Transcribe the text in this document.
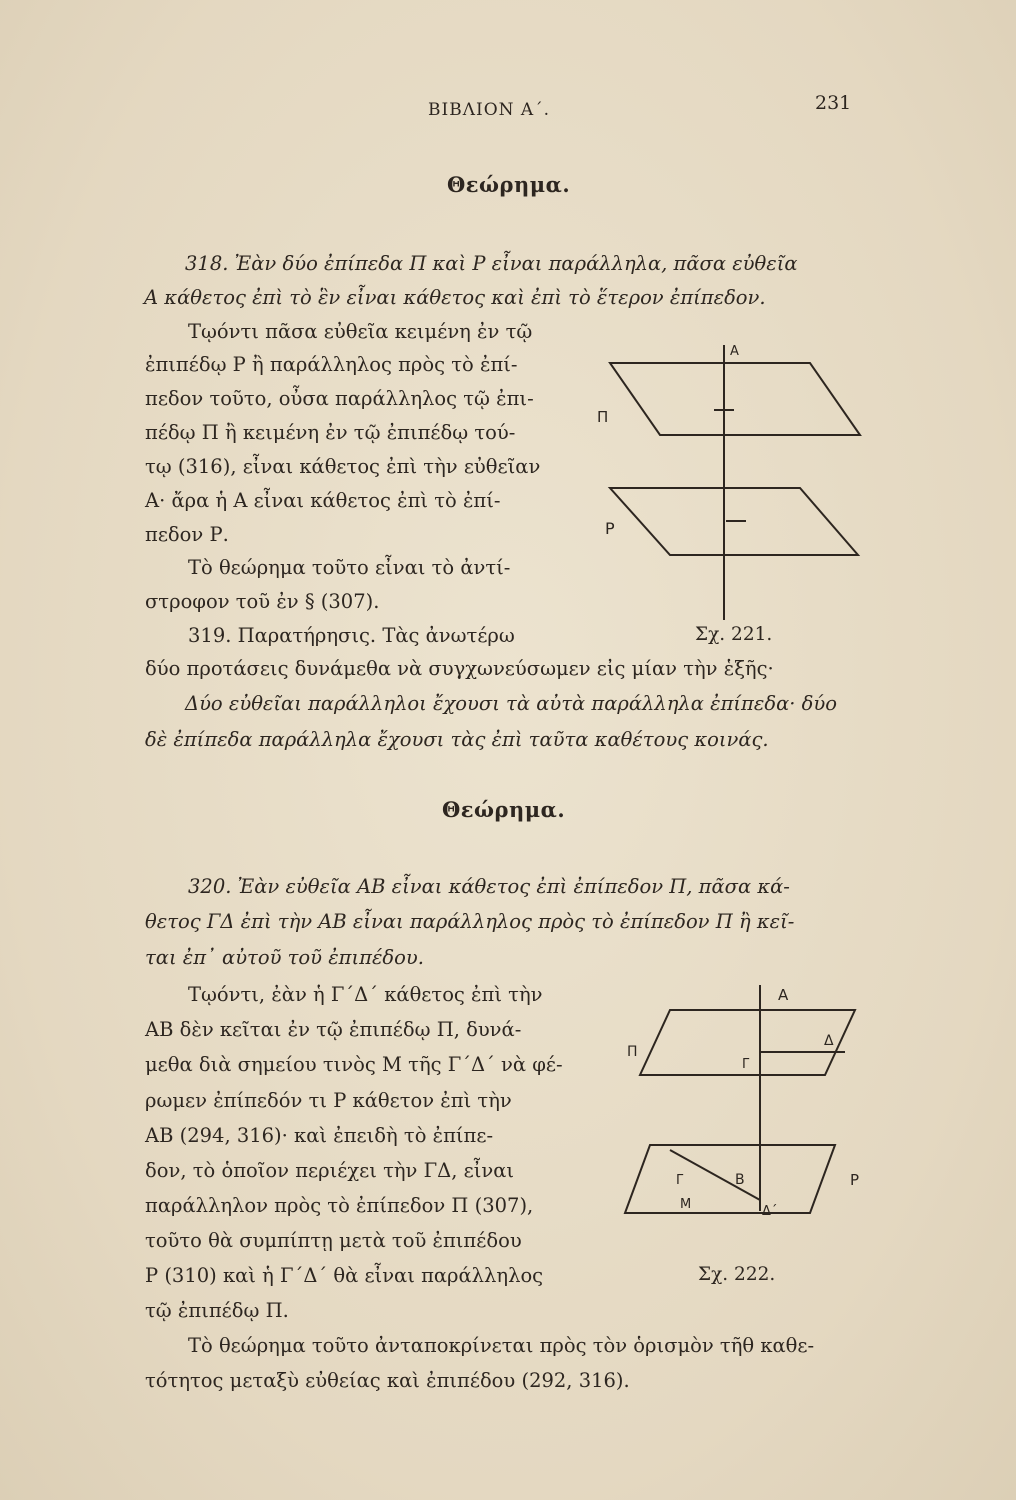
ΒΙΒΛΙΟΝ Α΄.	231
Θεώρημα.
318. Ἐὰν δύο ἐπίπεδα Π καὶ Ρ εἶναι παράλληλα, πᾶσα εὐθεῖα
Α κάθετος ἐπὶ τὸ ἓν εἶναι κάθετος καὶ ἐπὶ τὸ ἕτερον ἐπίπεδον.
Τῳόντι πᾶσα εὐθεῖα κειμένη ἐν τῷ
ἐπιπέδῳ Ρ ἢ παράλληλος πρὸς τὸ ἐπί-
πεδον τοῦτο, οὖσα παράλληλος τῷ ἐπι-
πέδῳ Π ἢ κειμένη ἐν τῷ ἐπιπέδῳ τού-
τῳ (316), εἶναι κάθετος ἐπὶ τὴν εὐθεῖαν
Α· ἄρα ἡ Α εἶναι κάθετος ἐπὶ τὸ ἐπί-
πεδον Ρ.
Τὸ θεώρημα τοῦτο εἶναι τὸ ἀντί-
στροφον τοῦ ἐν § (307).
319. Παρατήρησις. Τὰς ἀνωτέρω
δύο προτάσεις δυνάμεθα νὰ συγχωνεύσωμεν εἰς μίαν τὴν ἑξῆς·
Δύο εὐθεῖαι παράλληλοι ἔχουσι τὰ αὐτὰ παράλληλα ἐπίπεδα· δύο
δὲ ἐπίπεδα παράλληλα ἔχουσι τὰς ἐπὶ ταῦτα καθέτους κοινάς.
Α
Π
Ρ
Σχ. 221.
Θεώρημα.
320. Ἐὰν εὐθεῖα ΑΒ εἶναι κάθετος ἐπὶ ἐπίπεδον Π, πᾶσα κά-
θετος ΓΔ ἐπὶ τὴν ΑΒ εἶναι παράλληλος πρὸς τὸ ἐπίπεδον Π ἢ κεῖ-
ται ἐπ᾽ αὐτοῦ τοῦ ἐπιπέδου.
Τῳόντι, ἐὰν ἡ Γ΄Δ΄ κάθετος ἐπὶ τὴν
ΑΒ δὲν κεῖται ἐν τῷ ἐπιπέδῳ Π, δυνά-
μεθα διὰ σημείου τινὸς Μ τῆς Γ΄Δ΄ νὰ φέ-
ρωμεν ἐπίπεδόν τι Ρ κάθετον ἐπὶ τὴν
ΑΒ (294, 316)· καὶ ἐπειδὴ τὸ ἐπίπε-
δον, τὸ ὁποῖον περιέχει τὴν ΓΔ, εἶναι
παράλληλον πρὸς τὸ ἐπίπεδον Π (307),
τοῦτο θὰ συμπίπτῃ μετὰ τοῦ ἐπιπέδου
Ρ (310) καὶ ἡ Γ΄Δ΄ θὰ εἶναι παράλληλος
τῷ ἐπιπέδῳ Π.
Τὸ θεώρημα τοῦτο ἀνταποκρίνεται πρὸς τὸν ὁρισμὸν τῆθ καθε-
τότητος μεταξὺ εὐθείας καὶ ἐπιπέδου (292, 316).
A
Δ
Π
Γ
Γ	B
M	Δ΄
P
Σχ. 222.
